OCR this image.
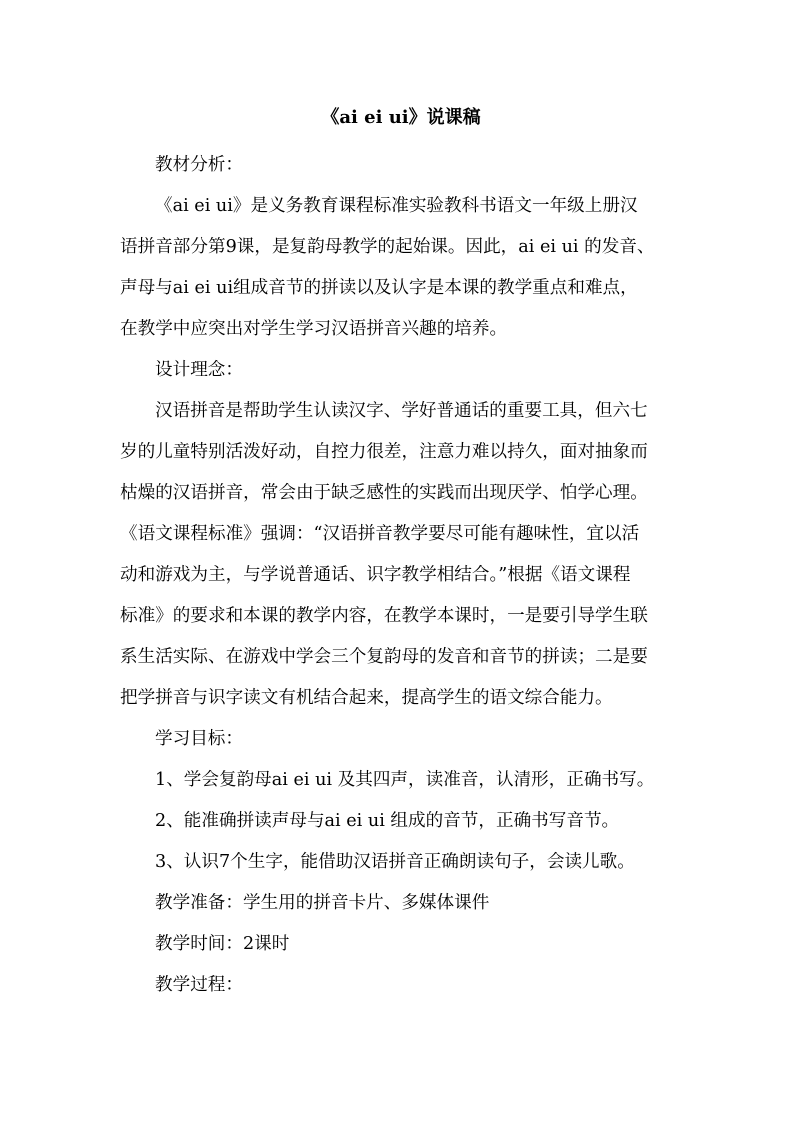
《ai ei ui》说课稿
教材分析：
《ai ei ui》是义务教育课程标准实验教科书语文一年级上册汉
语拼音部分第9课，是复韵母教学的起始课。因此，ai ei ui 的发音、
声母与ai ei ui组成音节的拼读以及认字是本课的教学重点和难点，
在教学中应突出对学生学习汉语拼音兴趣的培养。
设计理念：
汉语拼音是帮助学生认读汉字、学好普通话的重要工具，但六七
岁的儿童特别活泼好动，自控力很差，注意力难以持久，面对抽象而
枯燥的汉语拼音，常会由于缺乏感性的实践而出现厌学、怕学心理。
《语文课程标准》强调：“汉语拼音教学要尽可能有趣味性，宜以活
动和游戏为主，与学说普通话、识字教学相结合。”根据《语文课程
标准》的要求和本课的教学内容，在教学本课时，一是要引导学生联
系生活实际、在游戏中学会三个复韵母的发音和音节的拼读；二是要
把学拼音与识字读文有机结合起来，提高学生的语文综合能力。
学习目标：
1、学会复韵母ai ei ui 及其四声，读准音，认清形，正确书写。
2、能准确拼读声母与ai ei ui 组成的音节，正确书写音节。
3、认识7个生字，能借助汉语拼音正确朗读句子，会读儿歌。
教学准备：学生用的拼音卡片、多媒体课件
教学时间：2课时
教学过程：
